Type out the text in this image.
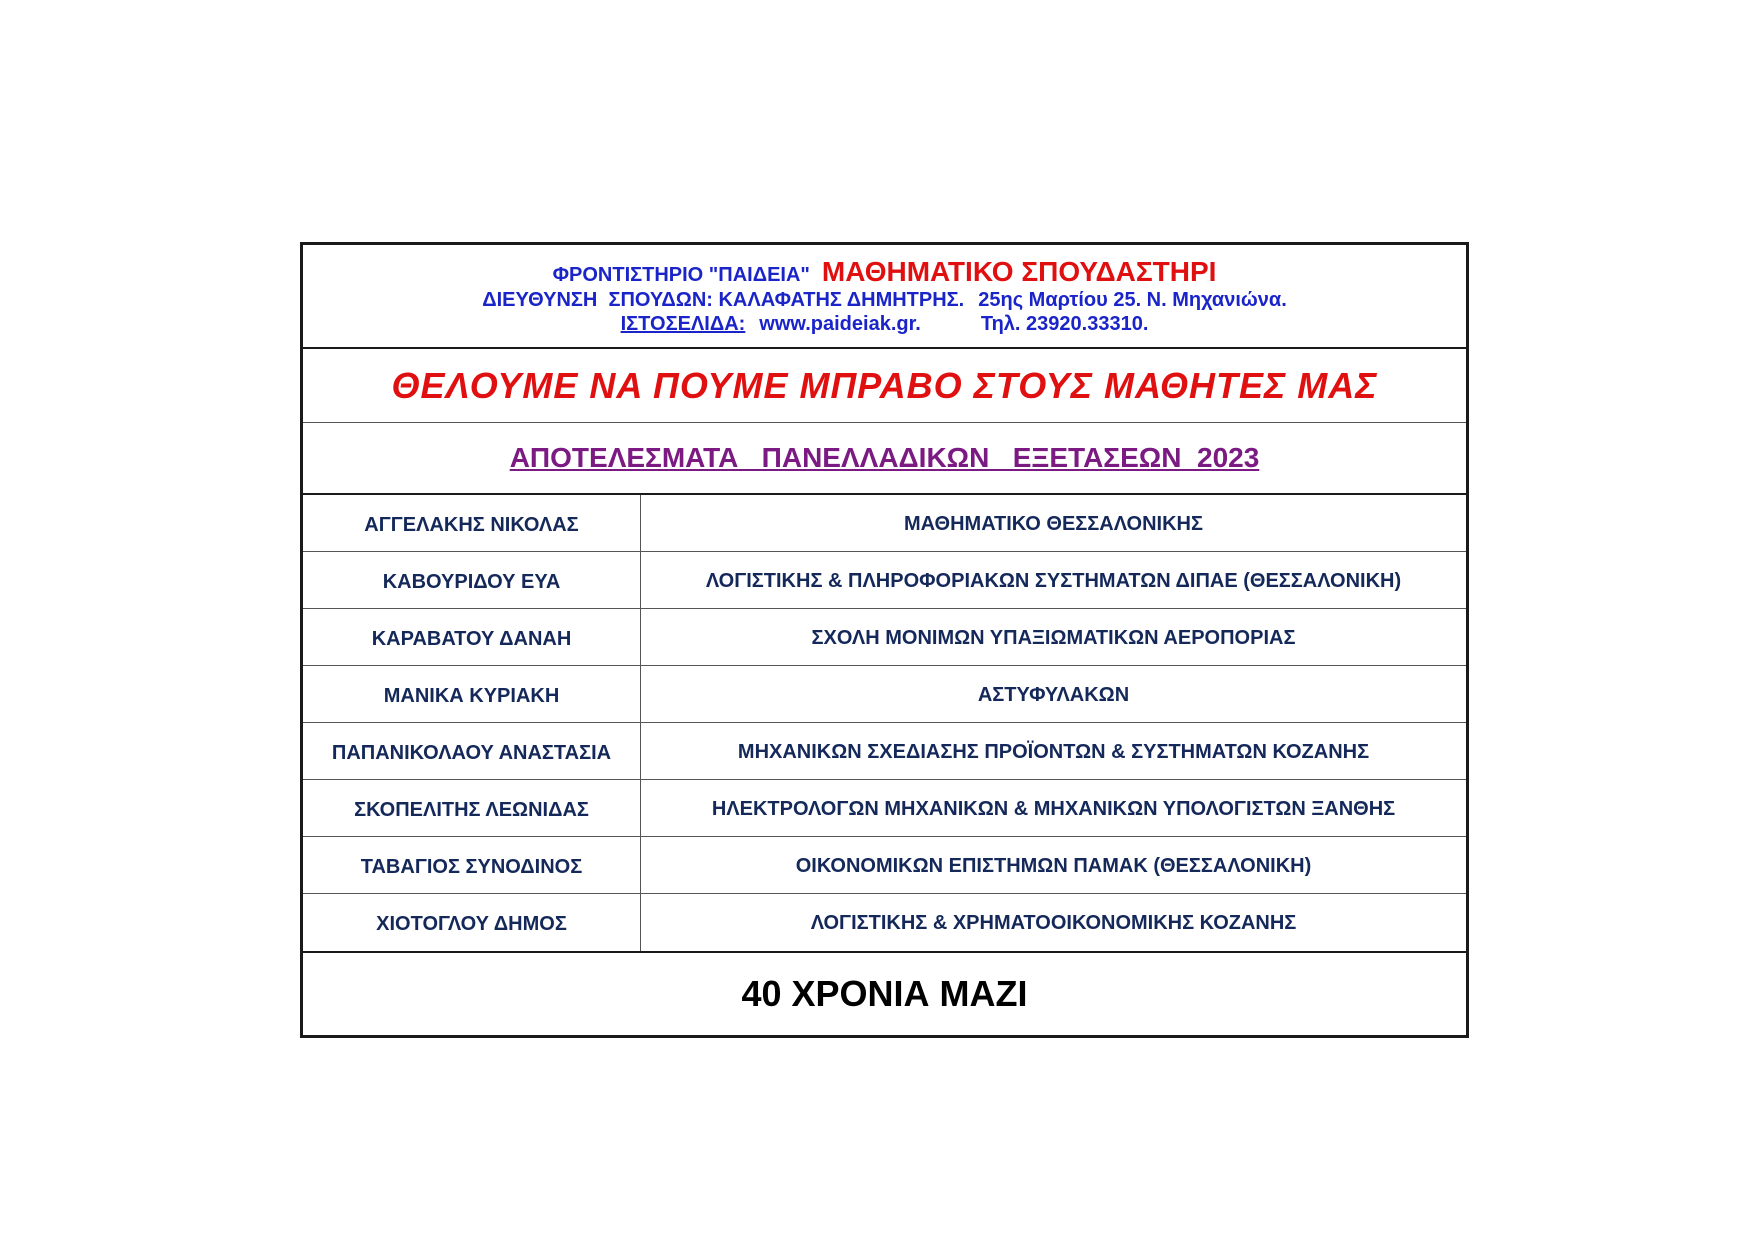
ΦΡΟΝΤΙΣΤΗΡΙΟ "ΠΑΙΔΕΙΑ" ΜΑΘΗΜΑΤΙΚΟ ΣΠΟΥΔΑΣΤΗΡΙ
ΔΙΕΥΘΥΝΣΗ  ΣΠΟΥΔΩΝ: ΚΑΛΑΦΑΤΗΣ ΔΗΜΗΤΡΗΣ. 25ης Μαρτίου 25. Ν. Μηχανιώνα.
ΙΣΤΟΣΕΛΙΔΑ: www.paideiak.gr.	Τηλ. 23920.33310.
ΘΕΛΟΥΜΕ ΝΑ ΠΟΥΜΕ ΜΠΡΑΒΟ ΣΤΟΥΣ ΜΑΘΗΤΕΣ ΜΑΣ
ΑΠΟΤΕΛΕΣΜΑΤΑ   ΠΑΝΕΛΛΑΔΙΚΩΝ   ΕΞΕΤΑΣΕΩΝ  2023
ΑΓΓΕΛΑΚΗΣ ΝΙΚΟΛΑΣ	ΜΑΘΗΜΑΤΙΚΟ ΘΕΣΣΑΛΟΝΙΚΗΣ
ΚΑΒΟΥΡΙΔΟΥ ΕΥΑ	ΛΟΓΙΣΤΙΚΗΣ & ΠΛΗΡΟΦΟΡΙΑΚΩΝ ΣΥΣΤΗΜΑΤΩΝ ΔΙΠΑΕ (ΘΕΣΣΑΛΟΝΙΚΗ)
ΚΑΡΑΒΑΤΟΥ ΔΑΝΑΗ	ΣΧΟΛΗ ΜΟΝΙΜΩΝ ΥΠΑΞΙΩΜΑΤΙΚΩΝ ΑΕΡΟΠΟΡΙΑΣ
ΜΑΝΙΚΑ ΚΥΡΙΑΚΗ	ΑΣΤΥΦΥΛΑΚΩΝ
ΠΑΠΑΝΙΚΟΛΑΟΥ ΑΝΑΣΤΑΣΙΑ	ΜΗΧΑΝΙΚΩΝ ΣΧΕΔΙΑΣΗΣ ΠΡΟΪΟΝΤΩΝ & ΣΥΣΤΗΜΑΤΩΝ ΚΟΖΑΝΗΣ
ΣΚΟΠΕΛΙΤΗΣ ΛΕΩΝΙΔΑΣ	ΗΛΕΚΤΡΟΛΟΓΩΝ ΜΗΧΑΝΙΚΩΝ & ΜΗΧΑΝΙΚΩΝ ΥΠΟΛΟΓΙΣΤΩΝ ΞΑΝΘΗΣ
ΤΑΒΑΓΙΟΣ ΣΥΝΟΔΙΝΟΣ	ΟΙΚΟΝΟΜΙΚΩΝ ΕΠΙΣΤΗΜΩΝ ΠΑΜΑΚ (ΘΕΣΣΑΛΟΝΙΚΗ)
ΧΙΟΤΟΓΛΟΥ ΔΗΜΟΣ	ΛΟΓΙΣΤΙΚΗΣ & ΧΡΗΜΑΤΟΟΙΚΟΝΟΜΙΚΗΣ ΚΟΖΑΝΗΣ
40 ΧΡΟΝΙΑ ΜΑΖΙ
